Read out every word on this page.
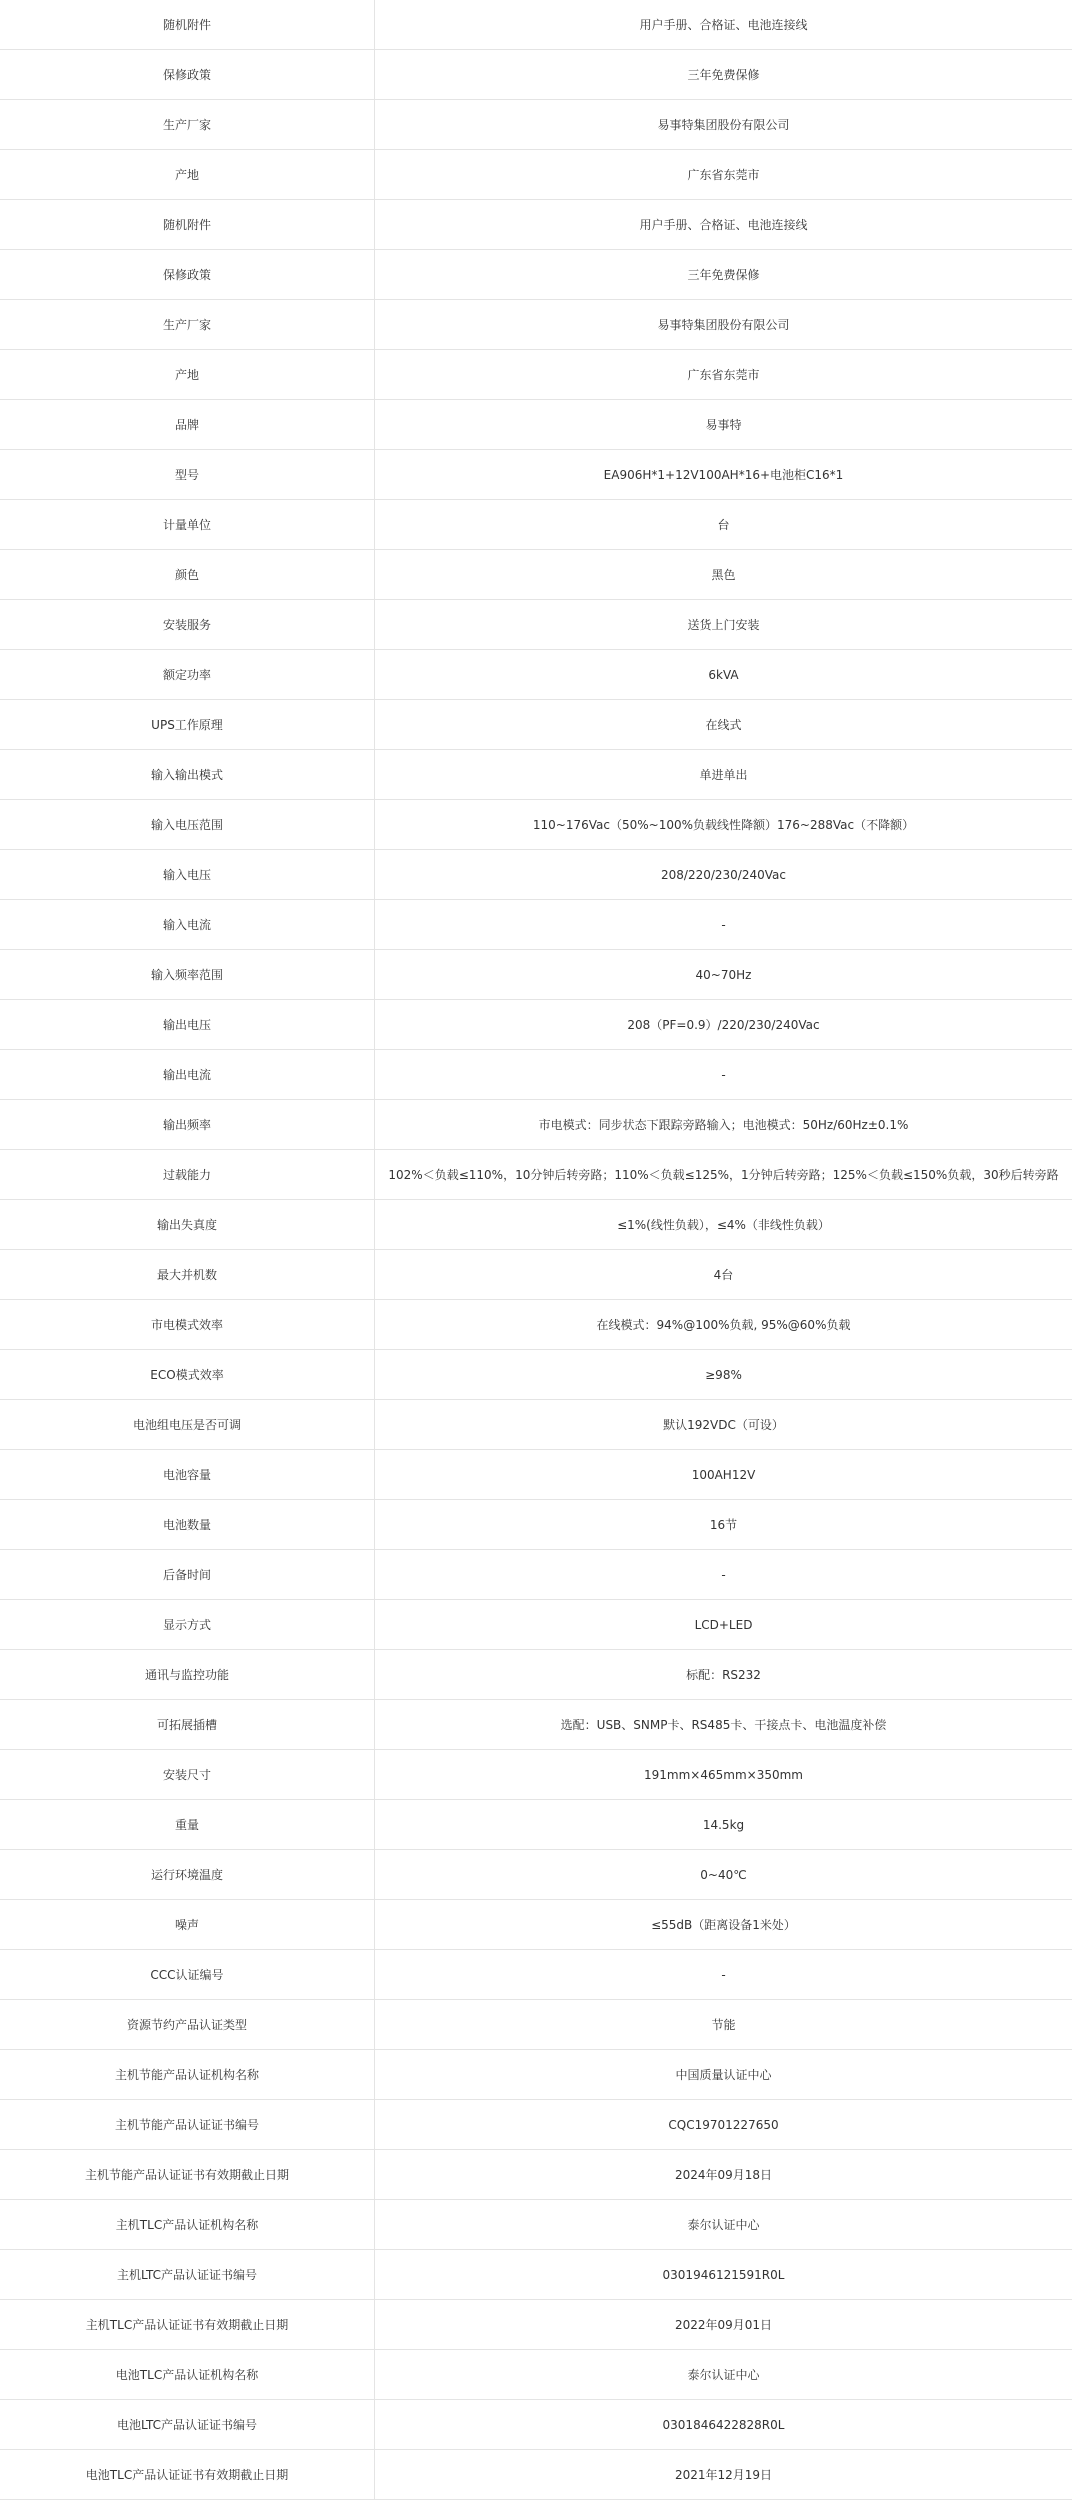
随机附件	用户手册、合格证、电池连接线
保修政策	三年免费保修
生产厂家	易事特集团股份有限公司
产地	广东省东莞市
随机附件	用户手册、合格证、电池连接线
保修政策	三年免费保修
生产厂家	易事特集团股份有限公司
产地	广东省东莞市
品牌	易事特
型号	EA906H*1+12V100AH*16+电池柜C16*1
计量单位	台
颜色	黑色
安装服务	送货上门安装
额定功率	6kVA
UPS工作原理	在线式
输入输出模式	单进单出
输入电压范围	110~176Vac（50%~100%负载线性降额）176~288Vac（不降额）
输入电压	208/220/230/240Vac
输入电流	-
输入频率范围	40~70Hz
输出电压	208（PF=0.9）/220/230/240Vac
输出电流	-
输出频率	市电模式：同步状态下跟踪旁路输入；电池模式：50Hz/60Hz±0.1%
过载能力	102%＜负载≤110%，10分钟后转旁路；110%＜负载≤125%，1分钟后转旁路；125%＜负载≤150%负载，30秒后转旁路
输出失真度	≤1%(线性负载），≤4%（非线性负载）
最大并机数	4台
市电模式效率	在线模式：94%@100%负载, 95%@60%负载
ECO模式效率	≥98%
电池组电压是否可调	默认192VDC（可设）
电池容量	100AH12V
电池数量	16节
后备时间	-
显示方式	LCD+LED
通讯与监控功能	标配：RS232
可拓展插槽	选配：USB、SNMP卡、RS485卡、干接点卡、电池温度补偿
安装尺寸	191mm×465mm×350mm
重量	14.5kg
运行环境温度	0~40℃
噪声	≤55dB（距离设备1米处）
CCC认证编号	-
资源节约产品认证类型	节能
主机节能产品认证机构名称	中国质量认证中心
主机节能产品认证证书编号	CQC19701227650
主机节能产品认证证书有效期截止日期	2024年09月18日
主机TLC产品认证机构名称	泰尔认证中心
主机LTC产品认证证书编号	0301946121591R0L
主机TLC产品认证证书有效期截止日期	2022年09月01日
电池TLC产品认证机构名称	泰尔认证中心
电池LTC产品认证证书编号	0301846422828R0L
电池TLC产品认证证书有效期截止日期	2021年12月19日
